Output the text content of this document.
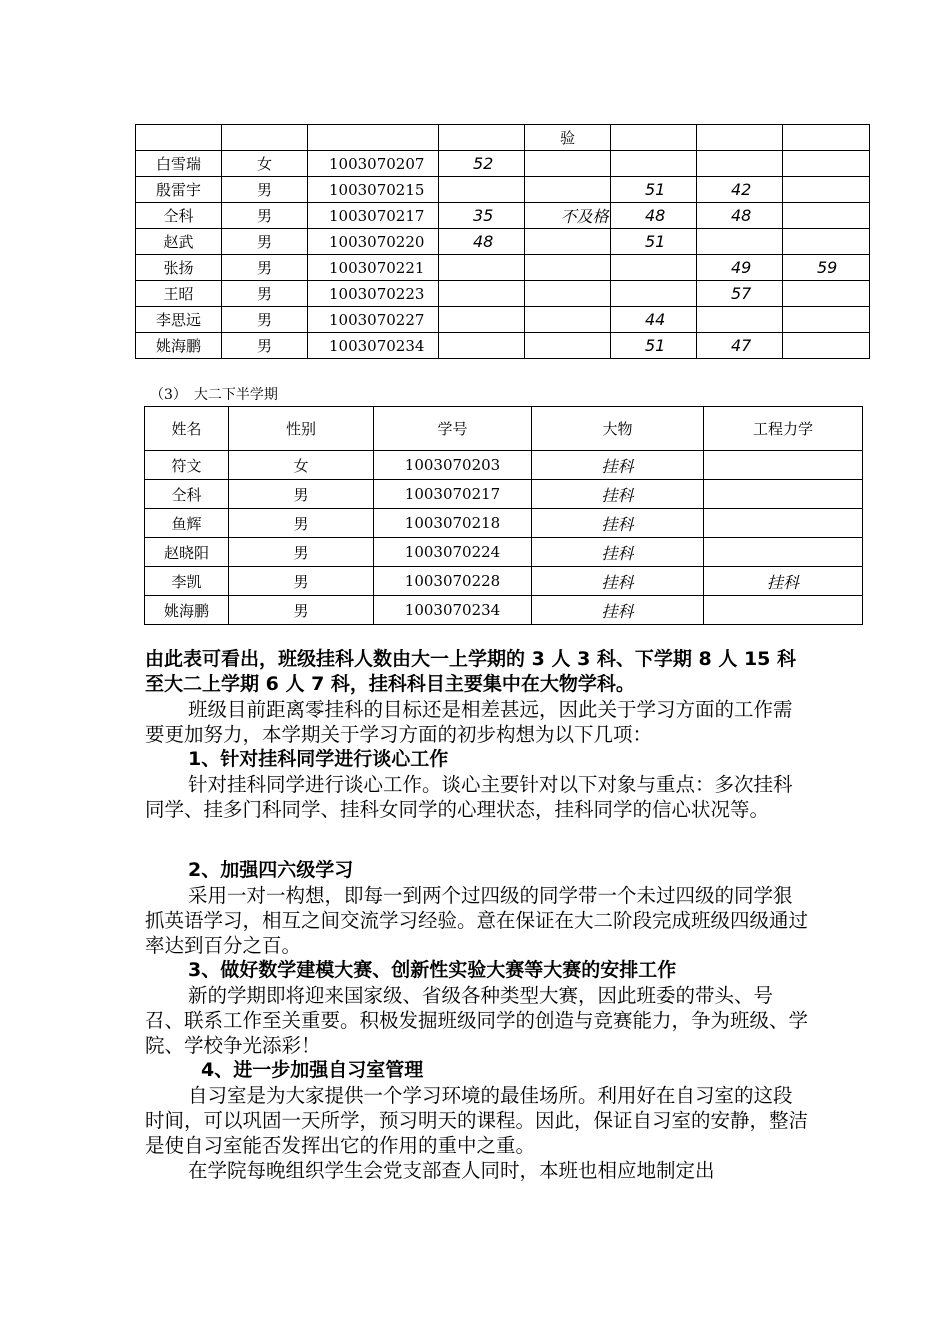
				验			
白雪瑞	女	1003070207	52				
殷雷宇	男	1003070215			51	42	
仝科	男	1003070217	35	不及格	48	48	
赵武	男	1003070220	48		51		
张扬	男	1003070221				49	59
王昭	男	1003070223				57	
李思远	男	1003070227			44		
姚海鹏	男	1003070234			51	47	
（3）　大二下半学期
姓名	性别	学号	大物	工程力学
符文	女	1003070203	挂科	
仝科	男	1003070217	挂科	
鱼辉	男	1003070218	挂科	
赵晓阳	男	1003070224	挂科	
李凯	男	1003070228	挂科	挂科
姚海鹏	男	1003070234	挂科	

由此表可看出，班级挂科人数由大一上学期的 3 人 3 科、下学期 8 人 15 科至大二上学期 6 人 7 科，挂科科目主要集中在大物学科。

班级目前距离零挂科的目标还是相差甚远，因此关于学习方面的工作需要更加努力，本学期关于学习方面的初步构想为以下几项：

1、针对挂科同学进行谈心工作

针对挂科同学进行谈心工作。谈心主要针对以下对象与重点：多次挂科同学、挂多门科同学、挂科女同学的心理状态，挂科同学的信心状况等。

2、加强四六级学习

采用一对一构想，即每一到两个过四级的同学带一个未过四级的同学狠抓英语学习，相互之间交流学习经验。意在保证在大二阶段完成班级四级通过率达到百分之百。

3、做好数学建模大赛、创新性实验大赛等大赛的安排工作

新的学期即将迎来国家级、省级各种类型大赛，因此班委的带头、号召、联系工作至关重要。积极发掘班级同学的创造与竞赛能力，争为班级、学院、学校争光添彩！

4、进一步加强自习室管理

自习室是为大家提供一个学习环境的最佳场所。利用好在自习室的这段时间，可以巩固一天所学，预习明天的课程。因此，保证自习室的安静，整洁是使自习室能否发挥出它的作用的重中之重。

在学院每晚组织学生会党支部查人同时，本班也相应地制定出
